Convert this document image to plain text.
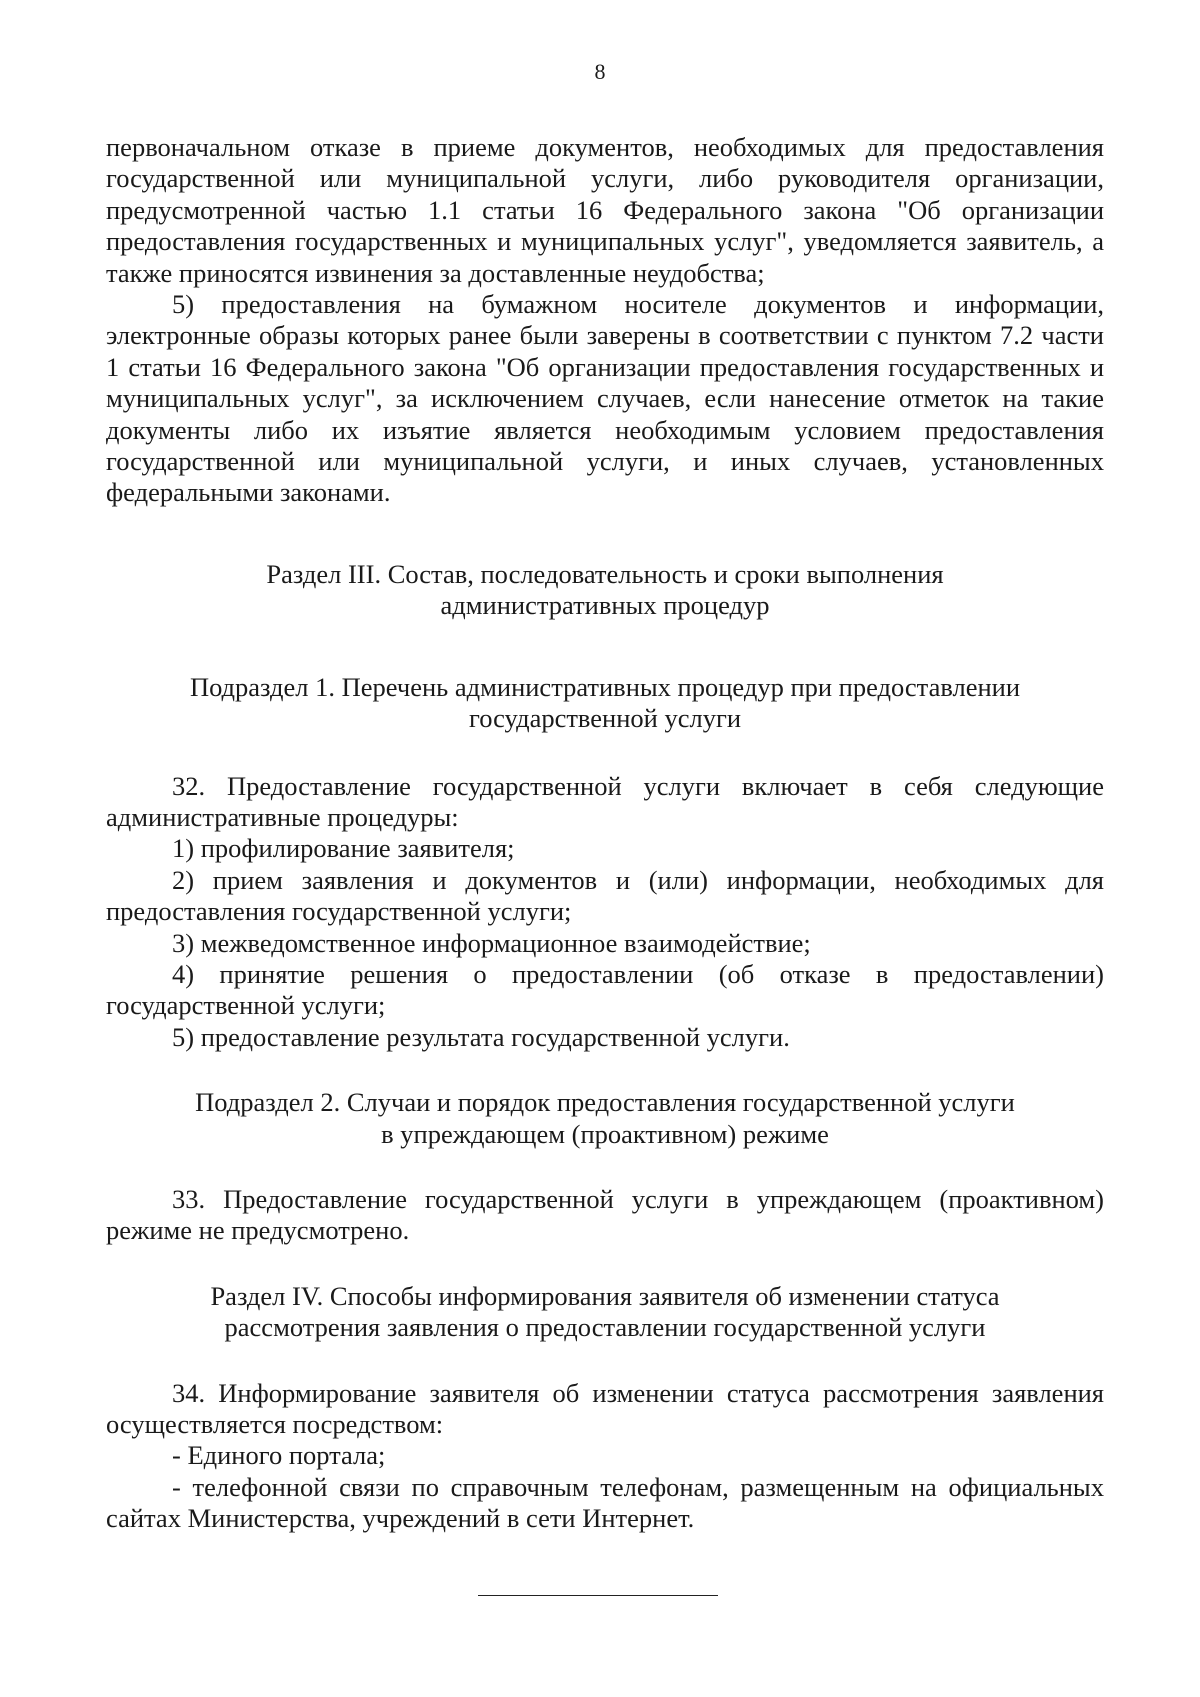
8

первоначальном отказе в приеме документов, необходимых для предоставления государственной или муниципальной услуги, либо руководителя организации, предусмотренной частью 1.1 статьи 16 Федерального закона "Об организации предоставления государственных и муниципальных услуг", уведомляется заявитель, а также приносятся извинения за доставленные неудобства;

5) предоставления на бумажном носителе документов и информации, электронные образы которых ранее были заверены в соответствии с пунктом 7.2 части 1 статьи 16 Федерального закона "Об организации предоставления государственных и муниципальных услуг", за исключением случаев, если нанесение отметок на такие документы либо их изъятие является необходимым условием предоставления государственной или муниципальной услуги, и иных случаев, установленных федеральными законами.

Раздел III. Состав, последовательность и сроки выполнения
административных процедур
Подраздел 1. Перечень административных процедур при предоставлении
государственной услуги

32. Предоставление государственной услуги включает в себя следующие административные процедуры:

1) профилирование заявителя;

2) прием заявления и документов и (или) информации, необходимых для предоставления государственной услуги;

3) межведомственное информационное взаимодействие;

4) принятие решения о предоставлении (об отказе в предоставлении) государственной услуги;

5) предоставление результата государственной услуги.

Подраздел 2. Случаи и порядок предоставления государственной услуги
в упреждающем (проактивном) режиме

33. Предоставление государственной услуги в упреждающем (проактивном) режиме не предусмотрено.

Раздел IV. Способы информирования заявителя об изменении статуса
рассмотрения заявления о предоставлении государственной услуги

34. Информирование заявителя об изменении статуса рассмотрения заявления осуществляется посредством:

- Единого портала;

- телефонной связи по справочным телефонам, размещенным на официальных сайтах Министерства, учреждений в сети Интернет.
